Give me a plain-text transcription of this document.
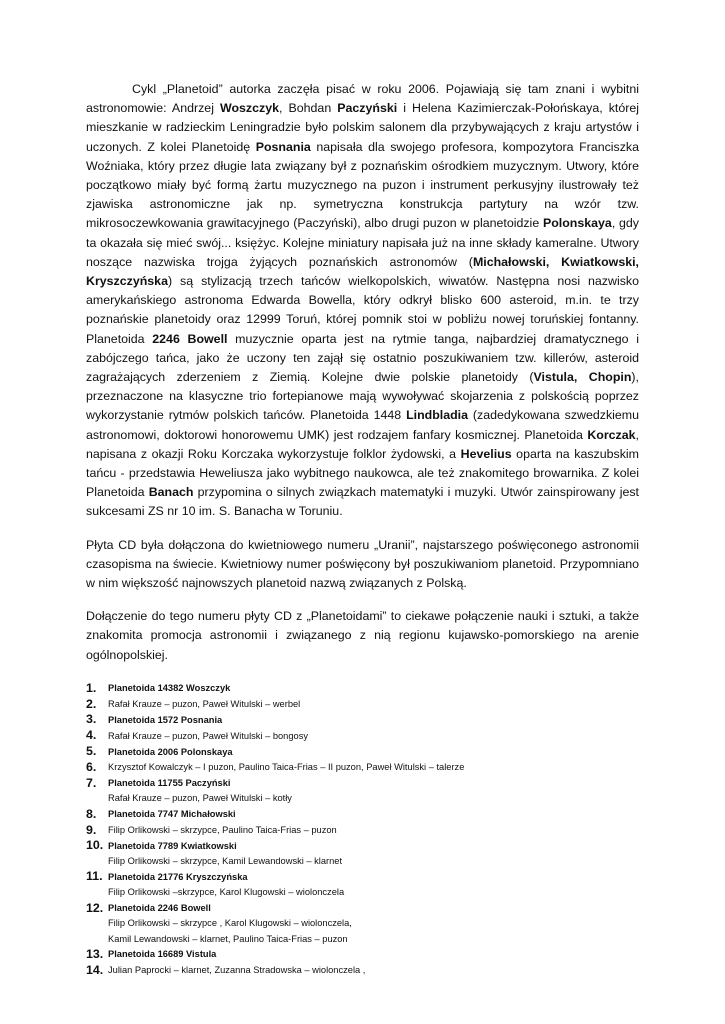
Cykl „Planetoid” autorka zaczęła pisać w roku 2006. Pojawiają się tam znani i wybitni astronomowie: Andrzej Woszczyk, Bohdan Paczyński i Helena Kazimierczak-Połońskaya, której mieszkanie w radzieckim Leningradzie było polskim salonem dla przybywających z kraju artystów i uczonych. Z kolei Planetoidę Posnania napisała dla swojego profesora, kompozytora Franciszka Woźniaka, który przez długie lata związany był z poznańskim ośrodkiem muzycznym. Utwory, które początkowo miały być formą żartu muzycznego na puzon i instrument perkusyjny ilustrowały też zjawiska astronomiczne jak np. symetryczna konstrukcja partytury na wzór tzw. mikrosoczewkowania grawitacyjnego (Paczyński), albo drugi puzon w planetoidzie Polonskaya, gdy ta okazała się mieć swój... księżyc. Kolejne miniatury napisała już na inne składy kameralne. Utwory noszące nazwiska trojga żyjących poznańskich astronomów (Michałowski, Kwiatkowski, Kryszczyńska) są stylizacją trzech tańców wielkopolskich, wiwatów. Następna nosi nazwisko amerykańskiego astronoma Edwarda Bowella, który odkrył blisko 600 asteroid, m.in. te trzy poznańskie planetoidy oraz 12999 Toruń, której pomnik stoi w pobliżu nowej toruńskiej fontanny. Planetoida 2246 Bowell muzycznie oparta jest na rytmie tanga, najbardziej dramatycznego i zabójczego tańca, jako że uczony ten zajął się ostatnio poszukiwaniem tzw. killerów, asteroid zagrażających zderzeniem z Ziemią. Kolejne dwie polskie planetoidy (Vistula, Chopin), przeznaczone na klasyczne trio fortepianowe mają wywoływać skojarzenia z polskością poprzez wykorzystanie rytmów polskich tańców. Planetoida 1448 Lindbladia (zadedykowana szwedzkiemu astronomowi, doktorowi honorowemu UMK) jest rodzajem fanfary kosmicznej. Planetoida Korczak, napisana z okazji Roku Korczaka wykorzystuje folklor żydowski, a Hevelius oparta na kaszubskim tańcu - przedstawia Heweliusza jako wybitnego naukowca, ale też znakomitego browarnika. Z kolei Planetoida Banach przypomina o silnych związkach matematyki i muzyki. Utwór zainspirowany jest sukcesami ZS nr 10 im. S. Banacha w Toruniu.

Płyta CD była dołączona do kwietniowego numeru „Uranii”, najstarszego poświęconego astronomii czasopisma na świecie. Kwietniowy numer poświęcony był poszukiwaniom planetoid. Przypomniano w nim większość najnowszych planetoid nazwą związanych z Polską.

Dołączenie do tego numeru płyty CD z „Planetoidami” to ciekawe połączenie nauki i sztuki, a także znakomita promocja astronomii i związanego z nią regionu kujawsko-pomorskiego na arenie ogólnopolskiej.

1.	Planetoida 14382 Woszczyk
2.	Rafał Krauze – puzon, Paweł Witulski – werbel
3.	Planetoida 1572 Posnania
4.	Rafał Krauze – puzon, Paweł Witulski – bongosy
5.	Planetoida 2006 Polonskaya
6.	Krzysztof Kowalczyk – I puzon, Paulino Taica-Frias – II puzon, Paweł Witulski – talerze
7.	Planetoida 11755 Paczyński
Rafał Krauze – puzon, Paweł Witulski – kotły
8.	Planetoida 7747 Michałowski
9.	Filip Orlikowski – skrzypce, Paulino Taica-Frias – puzon
10. Planetoida 7789 Kwiatkowski
Filip Orlikowski – skrzypce, Kamil Lewandowski – klarnet
11. Planetoida 21776 Kryszczyńska
Filip Orlikowski –skrzypce, Karol Klugowski – wiolonczela
12. Planetoida 2246 Bowell
Filip Orlikowski – skrzypce , Karol Klugowski – wiolonczela,
Kamil Lewandowski – klarnet, Paulino Taica-Frias – puzon
13. Planetoida 16689 Vistula
14. Julian Paprocki – klarnet, Zuzanna Stradowska – wiolonczela ,
